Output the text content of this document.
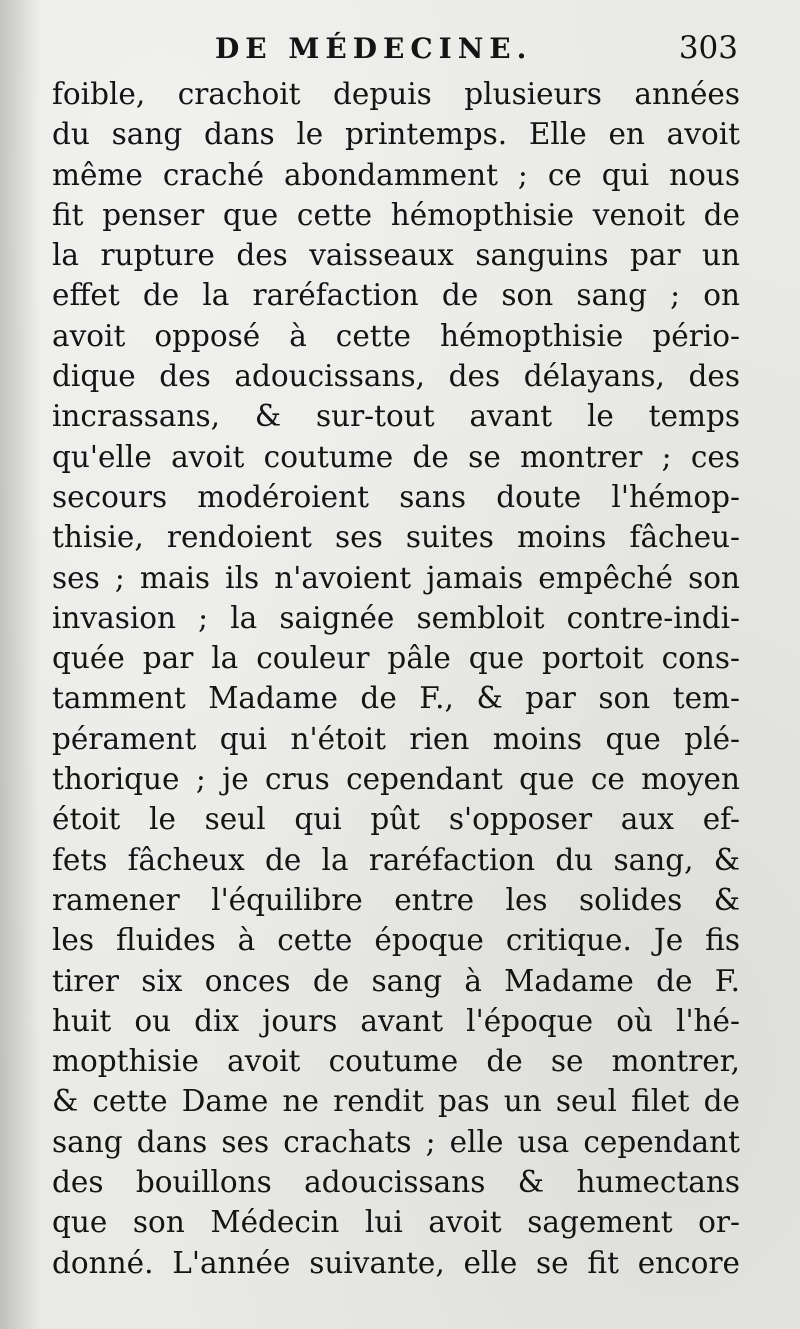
DE MÉDECINE.	303
foible, crachoit depuis plusieurs années
du sang dans le printemps. Elle en avoit
même craché abondamment ; ce qui nous
fit penser que cette hémopthisie venoit de
la rupture des vaisseaux sanguins par un
effet de la raréfaction de son sang ; on
avoit opposé à cette hémopthisie pério-
dique des adoucissans, des délayans, des
incrassans, & sur-tout avant le temps
qu'elle avoit coutume de se montrer ; ces
secours modéroient sans doute l'hémop-
thisie, rendoient ses suites moins fâcheu-
ses ; mais ils n'avoient jamais empêché son
invasion ; la saignée sembloit contre-indi-
quée par la couleur pâle que portoit cons-
tamment Madame de F., & par son tem-
pérament qui n'étoit rien moins que plé-
thorique ; je crus cependant que ce moyen
étoit le seul qui pût s'opposer aux ef-
fets fâcheux de la raréfaction du sang, &
ramener l'équilibre entre les solides &
les fluides à cette époque critique. Je fis
tirer six onces de sang à Madame de F.
huit ou dix jours avant l'époque où l'hé-
mopthisie avoit coutume de se montrer,
& cette Dame ne rendit pas un seul filet de
sang dans ses crachats ; elle usa cependant
des bouillons adoucissans & humectans
que son Médecin lui avoit sagement or-
donné. L'année suivante, elle se fit encore
